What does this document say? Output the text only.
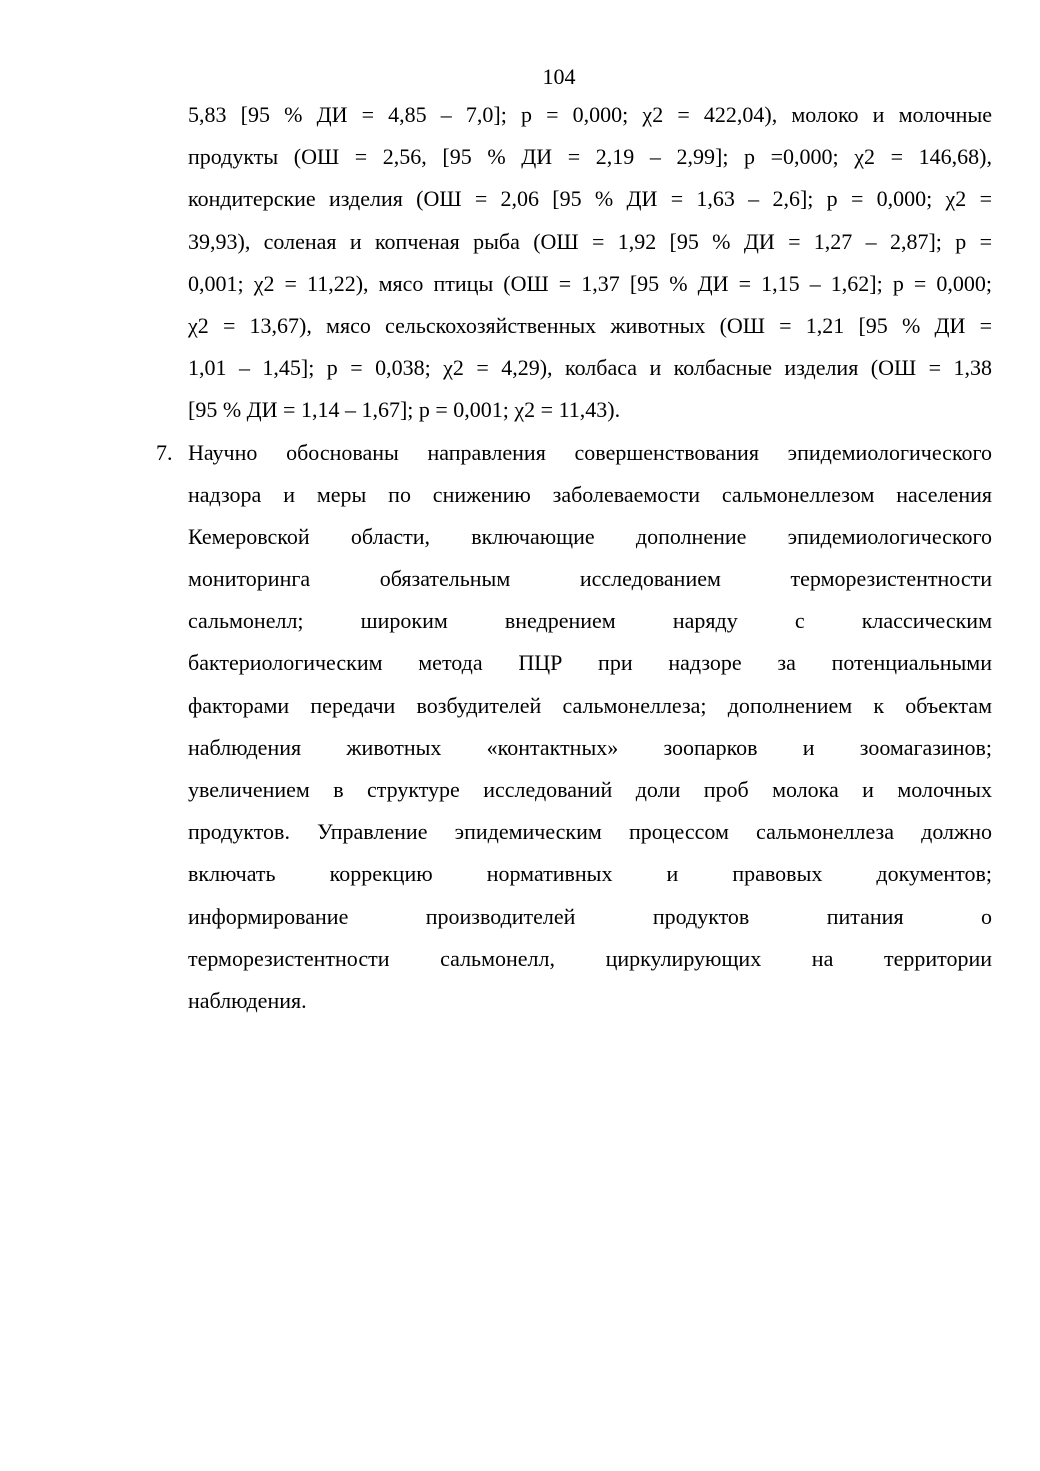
104
5,83 [95 % ДИ = 4,85 – 7,0]; p = 0,000; χ2 = 422,04), молоко и молочные
продукты (ОШ = 2,56, [95 % ДИ = 2,19 – 2,99]; p =0,000; χ2 = 146,68),
кондитерские изделия (ОШ = 2,06 [95 % ДИ = 1,63 – 2,6]; p = 0,000; χ2 =
39,93), соленая и копченая рыба (ОШ = 1,92 [95 % ДИ = 1,27 – 2,87]; p =
0,001; χ2 = 11,22), мясо птицы (ОШ = 1,37 [95 % ДИ = 1,15 – 1,62]; p = 0,000;
χ2 = 13,67), мясо сельскохозяйственных животных (ОШ = 1,21 [95 % ДИ =
1,01 – 1,45]; p = 0,038; χ2 = 4,29), колбаса и колбасные изделия (ОШ = 1,38
[95 % ДИ = 1,14 – 1,67]; p = 0,001; χ2 = 11,43).
7. Научно обоснованы направления совершенствования эпидемиологического
надзора и меры по снижению заболеваемости сальмонеллезом населения
Кемеровской области, включающие дополнение эпидемиологического
мониторинга обязательным исследованием терморезистентности
сальмонелл; широким внедрением наряду с классическим
бактериологическим метода ПЦР при надзоре за потенциальными
факторами передачи возбудителей сальмонеллеза; дополнением к объектам
наблюдения животных «контактных» зоопарков и зоомагазинов;
увеличением в структуре исследований доли проб молока и молочных
продуктов. Управление эпидемическим процессом сальмонеллеза должно
включать коррекцию нормативных и правовых документов;
информирование производителей продуктов питания о
терморезистентности сальмонелл, циркулирующих на территории
наблюдения.
